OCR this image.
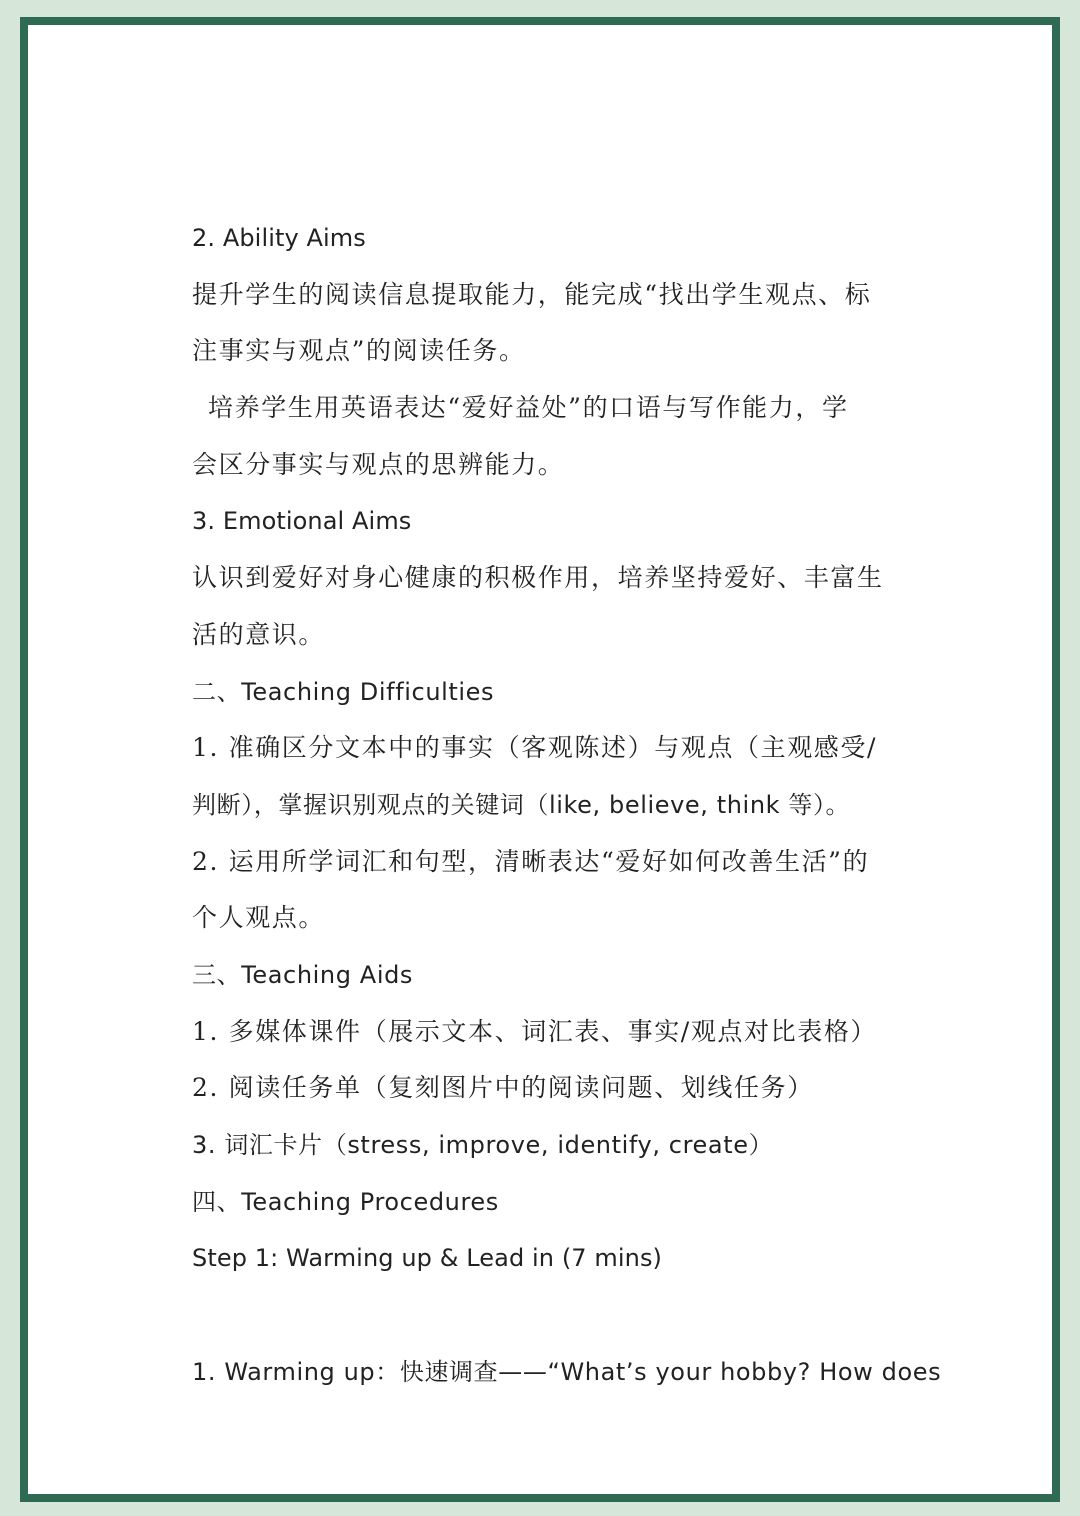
2. Ability Aims
提升学生的阅读信息提取能力，能完成“找出学生观点、标
注事实与观点”的阅读任务。
培养学生用英语表达“爱好益处”的口语与写作能力，学
会区分事实与观点的思辨能力。
3. Emotional Aims
认识到爱好对身心健康的积极作用，培养坚持爱好、丰富生
活的意识。
二、Teaching Difficulties
1. 准确区分文本中的事实（客观陈述）与观点（主观感受/
判断），掌握识别观点的关键词（like, believe, think 等）。
2. 运用所学词汇和句型，清晰表达“爱好如何改善生活”的
个人观点。
三、Teaching Aids
1. 多媒体课件（展示文本、词汇表、事实/观点对比表格）
2. 阅读任务单（复刻图片中的阅读问题、划线任务）
3. 词汇卡片（stress, improve, identify, create）
四、Teaching Procedures
Step 1: Warming up & Lead in (7 mins)
1. Warming up：快速调查——“What’s your hobby? How does
